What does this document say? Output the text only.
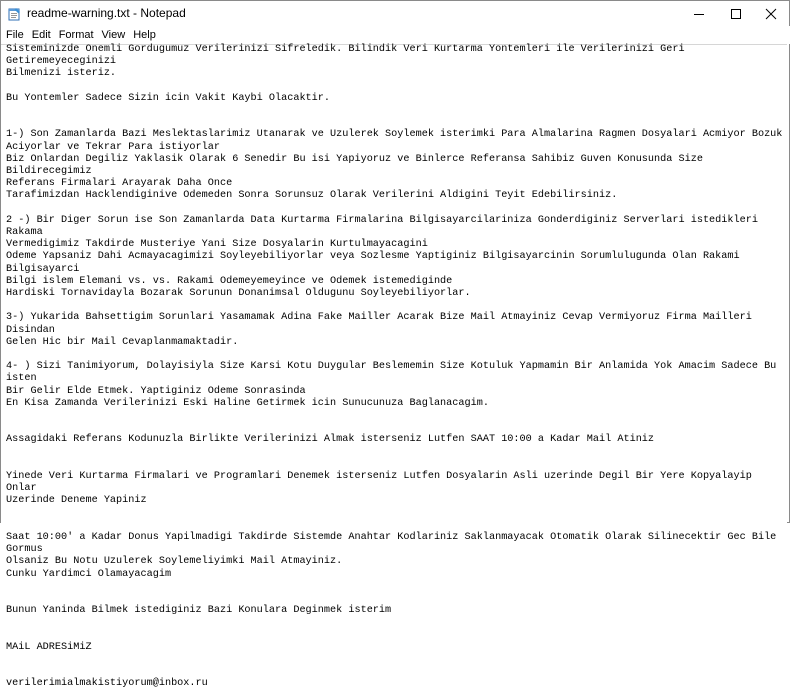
readme-warning.txt - Notepad
File Edit Format View Help
Sisteminizde Onemli Gordugumuz Verilerinizi Sifreledik. Bilindik Veri Kurtarma Yontemleri ile Verilerinizi Geri Getiremeyeceginizi
Bilmenizi isteriz.
Bu Yontemler Sadece Sizin icin Vakit Kaybi Olacaktir.
1-) Son Zamanlarda Bazi Meslektaslarimiz Utanarak ve Uzulerek Soylemek isterimki Para Almalarina Ragmen Dosyalari Acmiyor Bozuk
Aciyorlar ve Tekrar Para istiyorlar
Biz Onlardan Degiliz Yaklasik Olarak 6 Senedir Bu isi Yapiyoruz ve Binlerce Referansa Sahibiz Guven Konusunda Size Bildirecegimiz
Referans Firmalari Arayarak Daha Once
Tarafimizdan Hacklendiginive Odemeden Sonra Sorunsuz Olarak Verilerini Aldigini Teyit Edebilirsiniz.
2 -) Bir Diger Sorun ise Son Zamanlarda Data Kurtarma Firmalarina Bilgisayarcilariniza Gonderdiginiz Serverlari istedikleri Rakama
Vermedigimiz Takdirde Musteriye Yani Size Dosyalarin Kurtulmayacagini
Odeme Yapsaniz Dahi Acmayacagimizi Soyleyebiliyorlar veya Sozlesme Yaptiginiz Bilgisayarcinin Sorumlulugunda Olan Rakami Bilgisayarci
Bilgi islem Elemani vs. vs. Rakami Odemeyemeyince ve Odemek istemediginde
Hardiski Tornavidayla Bozarak Sorunun Donanimsal Oldugunu Soyleyebiliyorlar.
3-) Yukarida Bahsettigim Sorunlari Yasamamak Adina Fake Mailler Acarak Bize Mail Atmayiniz Cevap Vermiyoruz Firma Mailleri Disindan
Gelen Hic bir Mail Cevaplanmamaktadir.
4- ) Sizi Tanimiyorum, Dolayisiyla Size Karsi Kotu Duygular Beslememin Size Kotuluk Yapmamin Bir Anlamida Yok Amacim Sadece Bu isten
Bir Gelir Elde Etmek. Yaptiginiz Odeme Sonrasinda
En Kisa Zamanda Verilerinizi Eski Haline Getirmek icin Sunucunuza Baglanacagim.
Assagidaki Referans Kodunuzla Birlikte Verilerinizi Almak isterseniz Lutfen SAAT 10:00 a Kadar Mail Atiniz
Yinede Veri Kurtarma Firmalari ve Programlari Denemek isterseniz Lutfen Dosyalarin Asli uzerinde Degil Bir Yere Kopyalayip Onlar
Uzerinde Deneme Yapiniz
Saat 10:00' a Kadar Donus Yapilmadigi Takdirde Sistemde Anahtar Kodlariniz Saklanmayacak Otomatik Olarak Silinecektir Gec Bile Gormus
Olsaniz Bu Notu Uzulerek Soylemeliyimki Mail Atmayiniz.
Cunku Yardimci Olamayacagim
Bunun Yaninda Bilmek istediginiz Bazi Konulara Deginmek isterim
MAiL ADRESiMiZ
verilerimialmakistiyorum@inbox.ru
